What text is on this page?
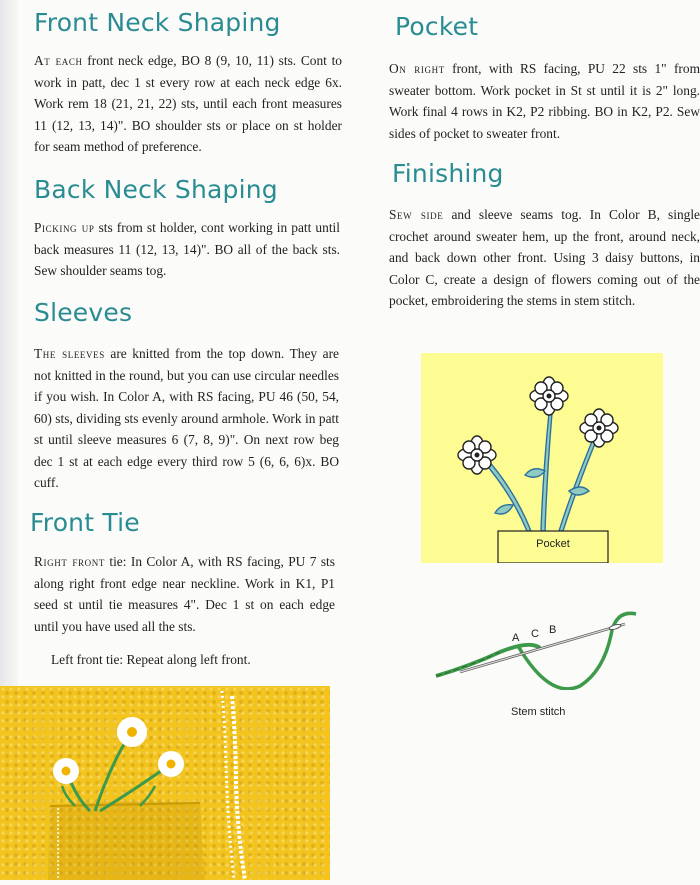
Front Neck Shaping

At each front neck edge, BO 8 (9, 10, 11) sts. Cont to work in patt, dec 1 st every row at each neck edge 6x. Work rem 18 (21, 21, 22) sts, until each front measures 11 (12, 13, 14)". BO shoulder sts or place on st holder for seam method of preference.

Back Neck Shaping

Picking up sts from st holder, cont working in patt until back measures 11 (12, 13, 14)". BO all of the back sts. Sew shoulder seams tog.

Sleeves

The sleeves are knitted from the top down. They are not knitted in the round, but you can use circular needles if you wish. In Color A, with RS facing, PU 46 (50, 54, 60) sts, dividing sts evenly around armhole. Work in patt st until sleeve measures 6 (7, 8, 9)". On next row beg dec 1 st at each edge every third row 5 (6, 6, 6)x. BO cuff.

Front Tie

Right front tie: In Color A, with RS facing, PU 7 sts along right front edge near neckline. Work in K1, P1 seed st until tie measures 4". Dec 1 st on each edge until you have used all the sts.

Left front tie: Repeat along left front.

Pocket

On right front, with RS facing, PU 22 sts 1" from sweater bottom. Work pocket in St st until it is 2" long. Work final 4 rows in K2, P2 ribbing. BO in K2, P2. Sew sides of pocket to sweater front.

Finishing

Sew side and sleeve seams tog. In Color B, single crochet around sweater hem, up the front, around neck, and back down other front. Using 3 daisy buttons, in Color C, create a design of flowers coming out of the pocket, embroidering the stems in stem stitch.

Pocket
A C B
Stem stitch
